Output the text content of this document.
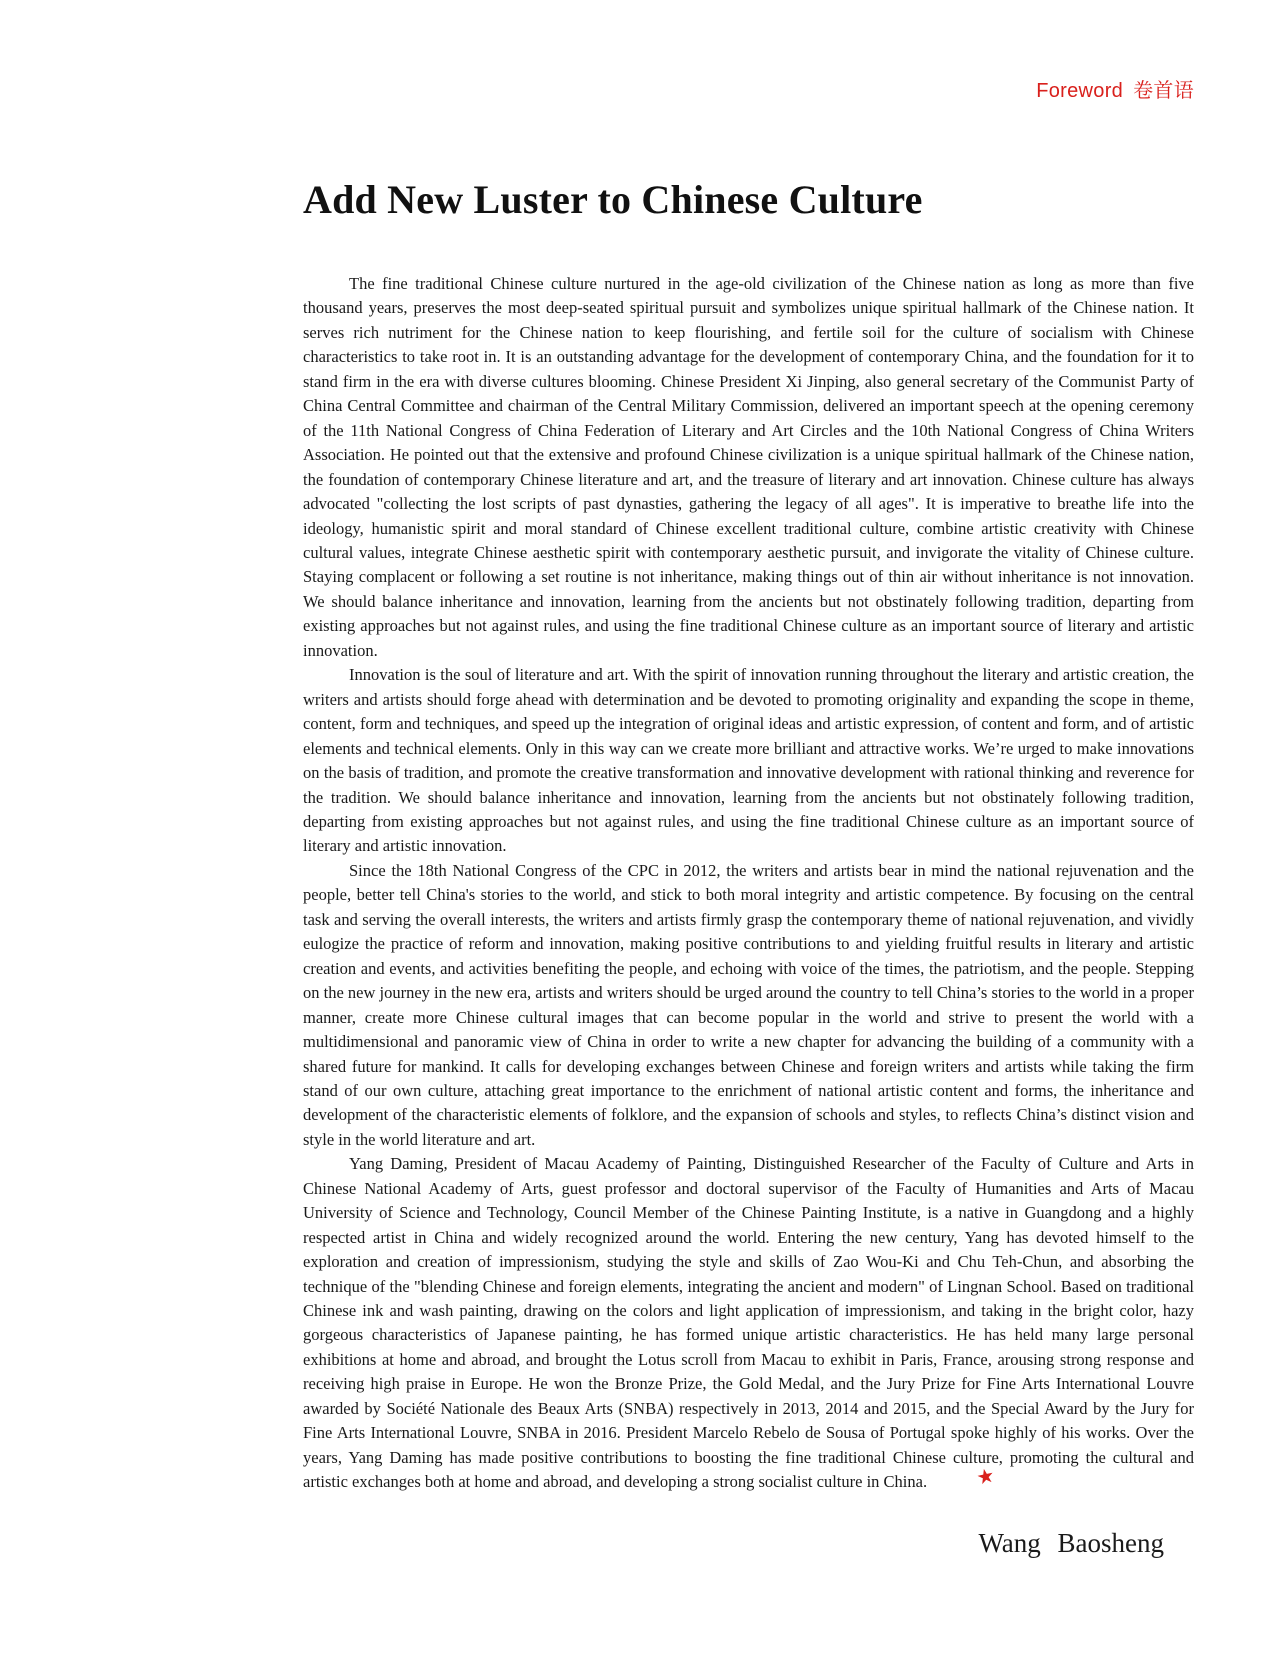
Foreword 卷首语
Add New Luster to Chinese Culture

The fine traditional Chinese culture nurtured in the age-old civilization of the Chinese nation as long as more than five thousand years, preserves the most deep-seated spiritual pursuit and symbolizes unique spiritual hallmark of the Chinese nation. It serves rich nutriment for the Chinese nation to keep flourishing, and fertile soil for the culture of socialism with Chinese characteristics to take root in. It is an outstanding advantage for the development of contemporary China, and the foundation for it to stand firm in the era with diverse cultures blooming. Chinese President Xi Jinping, also general secretary of the Communist Party of China Central Committee and chairman of the Central Military Commission, delivered an important speech at the opening ceremony of the 11th National Congress of China Federation of Literary and Art Circles and the 10th National Congress of China Writers Association. He pointed out that the extensive and profound Chinese civilization is a unique spiritual hallmark of the Chinese nation, the foundation of contemporary Chinese literature and art, and the treasure of literary and art innovation. Chinese culture has always advocated "collecting the lost scripts of past dynasties, gathering the legacy of all ages". It is imperative to breathe life into the ideology, humanistic spirit and moral standard of Chinese excellent traditional culture, combine artistic creativity with Chinese cultural values, integrate Chinese aesthetic spirit with contemporary aesthetic pursuit, and invigorate the vitality of Chinese culture. Staying complacent or following a set routine is not inheritance, making things out of thin air without inheritance is not innovation. We should balance inheritance and innovation, learning from the ancients but not obstinately following tradition, departing from existing approaches but not against rules, and using the fine traditional Chinese culture as an important source of literary and artistic innovation.

Innovation is the soul of literature and art. With the spirit of innovation running throughout the literary and artistic creation, the writers and artists should forge ahead with determination and be devoted to promoting originality and expanding the scope in theme, content, form and techniques, and speed up the integration of original ideas and artistic expression, of content and form, and of artistic elements and technical elements. Only in this way can we create more brilliant and attractive works. We’re urged to make innovations on the basis of tradition, and promote the creative transformation and innovative development with rational thinking and reverence for the tradition. We should balance inheritance and innovation, learning from the ancients but not obstinately following tradition, departing from existing approaches but not against rules, and using the fine traditional Chinese culture as an important source of literary and artistic innovation.

Since the 18th National Congress of the CPC in 2012, the writers and artists bear in mind the national rejuvenation and the people, better tell China's stories to the world, and stick to both moral integrity and artistic competence. By focusing on the central task and serving the overall interests, the writers and artists firmly grasp the contemporary theme of national rejuvenation, and vividly eulogize the practice of reform and innovation, making positive contributions to and yielding fruitful results in literary and artistic creation and events, and activities benefiting the people, and echoing with voice of the times, the patriotism, and the people. Stepping on the new journey in the new era, artists and writers should be urged around the country to tell China’s stories to the world in a proper manner, create more Chinese cultural images that can become popular in the world and strive to present the world with a multidimensional and panoramic view of China in order to write a new chapter for advancing the building of a community with a shared future for mankind. It calls for developing exchanges between Chinese and foreign writers and artists while taking the firm stand of our own culture, attaching great importance to the enrichment of national artistic content and forms, the inheritance and development of the characteristic elements of folklore, and the expansion of schools and styles, to reflects China’s distinct vision and style in the world literature and art.

Yang Daming, President of Macau Academy of Painting, Distinguished Researcher of the Faculty of Culture and Arts in Chinese National Academy of Arts, guest professor and doctoral supervisor of the Faculty of Humanities and Arts of Macau University of Science and Technology, Council Member of the Chinese Painting Institute, is a native in Guangdong and a highly respected artist in China and widely recognized around the world. Entering the new century, Yang has devoted himself to the exploration and creation of impressionism, studying the style and skills of Zao Wou-Ki and Chu Teh-Chun, and absorbing the technique of the "blending Chinese and foreign elements, integrating the ancient and modern" of Lingnan School. Based on traditional Chinese ink and wash painting, drawing on the colors and light application of impressionism, and taking in the bright color, hazy gorgeous characteristics of Japanese painting, he has formed unique artistic characteristics. He has held many large personal exhibitions at home and abroad, and brought the Lotus scroll from Macau to exhibit in Paris, France, arousing strong response and receiving high praise in Europe. He won the Bronze Prize, the Gold Medal, and the Jury Prize for Fine Arts International Louvre awarded by Société Nationale des Beaux Arts (SNBA) respectively in 2013, 2014 and 2015, and the Special Award by the Jury for Fine Arts International Louvre, SNBA in 2016. President Marcelo Rebelo de Sousa of Portugal spoke highly of his works. Over the years, Yang Daming has made positive contributions to boosting the fine traditional Chinese culture, promoting the cultural and artistic exchanges both at home and abroad, and developing a strong socialist culture in China. ★

Wang Baosheng
